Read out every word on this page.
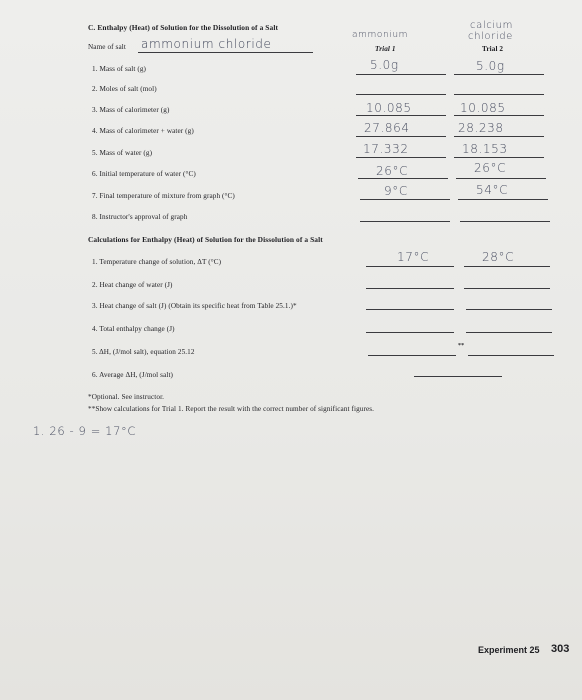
C. Enthalpy (Heat) of Solution for the Dissolution of a Salt
ammonium
calcium
chloride
Trial 1	Trial 2
Name of salt ammonium chloride
1. Mass of salt (g)
2. Moles of salt (mol)
3. Mass of calorimeter (g)
4. Mass of calorimeter + water (g)
5. Mass of water (g)
6. Initial temperature of water (°C)
7. Final temperature of mixture from graph (°C)
8. Instructor's approval of graph
5.0g
10.085
27.864
17.332
26°C
9°C
5.0g
10.085
28.238
18.153
26°C
54°C
Calculations for Enthalpy (Heat) of Solution for the Dissolution of a Salt
1. Temperature change of solution, ΔT (°C)
2. Heat change of water (J)
3. Heat change of salt (J) (Obtain its specific heat from Table 25.1.)*
4. Total enthalpy change (J)
5. ΔH, (J/mol salt), equation 25.12
6. Average ΔH, (J/mol salt)
17°C	28°C
**
*Optional. See instructor.
**Show calculations for Trial 1. Report the result with the correct number of significant figures.
1. 26 - 9 = 17°C
Experiment 25 303
